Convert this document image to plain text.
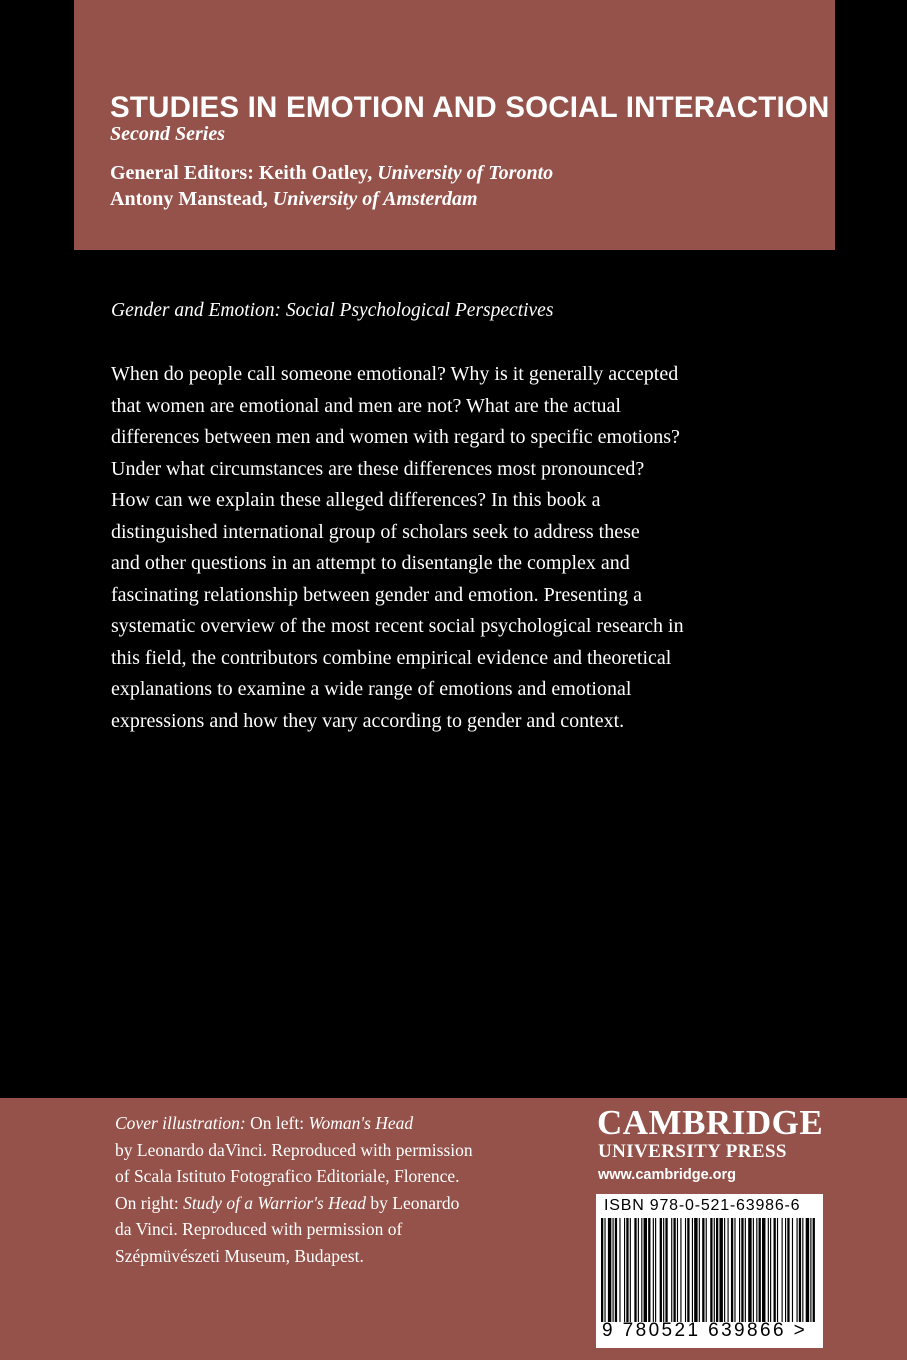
STUDIES IN EMOTION AND SOCIAL INTERACTION
Second Series
General Editors: Keith Oatley, University of Toronto
Antony Manstead, University of Amsterdam
Gender and Emotion: Social Psychological Perspectives
When do people call someone emotional? Why is it generally accepted
that women are emotional and men are not? What are the actual
differences between men and women with regard to specific emotions?
Under what circumstances are these differences most pronounced?
How can we explain these alleged differences? In this book a
distinguished international group of scholars seek to address these
and other questions in an attempt to disentangle the complex and
fascinating relationship between gender and emotion. Presenting a
systematic overview of the most recent social psychological research in
this field, the contributors combine empirical evidence and theoretical
explanations to examine a wide range of emotions and emotional
expressions and how they vary according to gender and context.
Cover illustration: On left: Woman's Head
by Leonardo daVinci. Reproduced with permission
of Scala Istituto Fotografico Editoriale, Florence.
On right: Study of a Warrior's Head by Leonardo
da Vinci. Reproduced with permission of
Szépmüvészeti Museum, Budapest.
CAMBRIDGE
UNIVERSITY PRESS
www.cambridge.org
ISBN 978-0-521-63986-6
9 780521 639866 >
